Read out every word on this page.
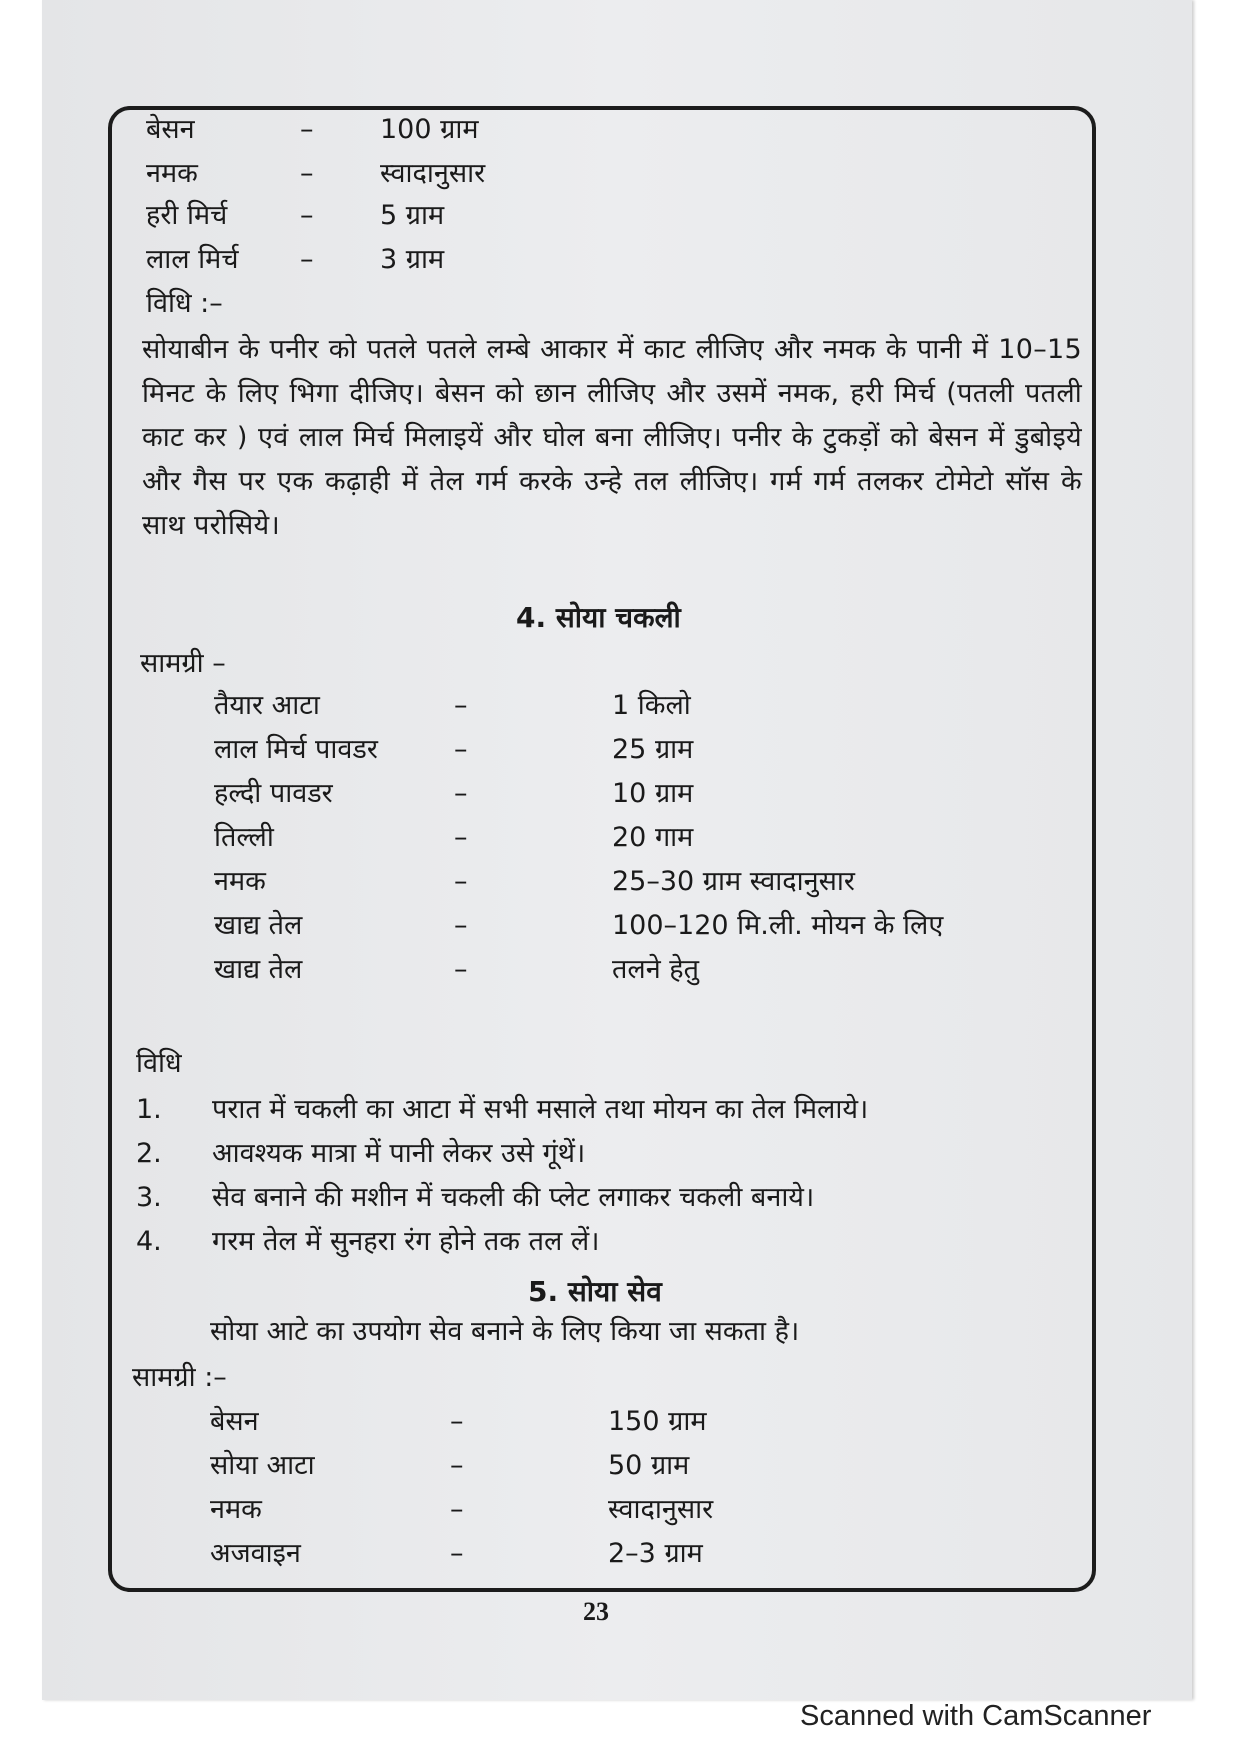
बेसन	– 100 ग्राम
नमक	– स्वादानुसार
हरी मिर्च	– 5 ग्राम
लाल मिर्च – 3 ग्राम
विधि :–
सोयाबीन के पनीर को पतले पतले लम्बे आकार में काट लीजिए और नमक के पानी में 10–15 मिनट के लिए भिगा दीजिए। बेसन को छान लीजिए और उसमें नमक, हरी मिर्च (पतली पतली काट कर ) एवं लाल मिर्च मिलाइयें और घोल बना लीजिए। पनीर के टुकड़ों को बेसन में डुबोइये और गैस पर एक कढ़ाही में तेल गर्म करके उन्हे तल लीजिए। गर्म गर्म तलकर टोमेटो सॉस के साथ परोसिये।
4. सोया चकली
सामग्री –
तैयार आटा	–	1 किलो
लाल मिर्च पावडर	–	25 ग्राम
हल्दी पावडर	–	10 ग्राम
तिल्ली	–	20 गाम
नमक	–	25–30 ग्राम स्वादानुसार
खाद्य तेल	–	100–120 मि.ली. मोयन के लिए
खाद्य तेल	–	तलने हेतु
विधि
1. परात में चकली का आटा में सभी मसाले तथा मोयन का तेल मिलाये।
2. आवश्यक मात्रा में पानी लेकर उसे गूंथें।
3. सेव बनाने की मशीन में चकली की प्लेट लगाकर चकली बनाये।
4. गरम तेल में सुनहरा रंग होने तक तल लें।
5. सोया सेव
सोया आटे का उपयोग सेव बनाने के लिए किया जा सकता है।
सामग्री :–
बेसन	–	150 ग्राम
सोया आटा	–	50 ग्राम
नमक	–	स्वादानुसार
अजवाइन	–	2–3 ग्राम
23
Scanned with CamScanner
